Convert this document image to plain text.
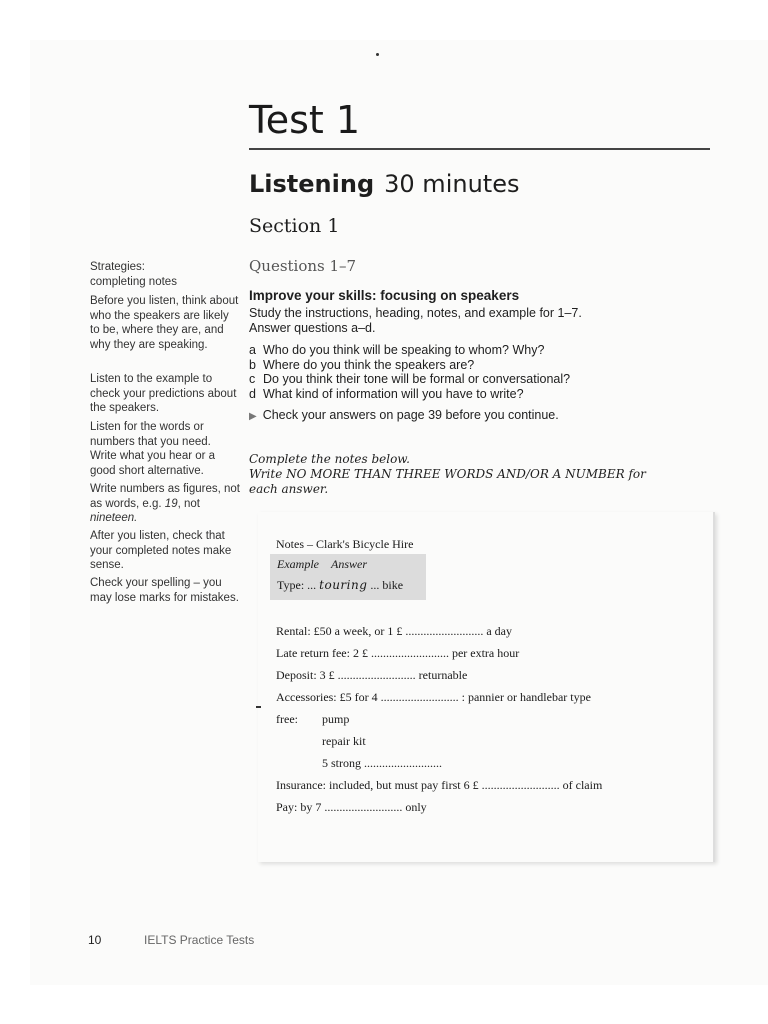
Test 1
Listening 30 minutes
Section 1
Questions 1–7
Strategies:
completing notes

Before you listen, think about who the speakers are likely to be, where they are, and why they are speaking.

Listen to the example to check your predictions about the speakers.

Listen for the words or numbers that you need. Write what you hear or a good short alternative.

Write numbers as figures, not as words, e.g. 19, not nineteen.

After you listen, check that your completed notes make sense.

Check your spelling – you may lose marks for mistakes.

Improve your skills: focusing on speakers
Study the instructions, heading, notes, and example for 1–7.
Answer questions a–d.
a Who do you think will be speaking to whom? Why?
b Where do you think the speakers are?
c Do you think their tone will be formal or conversational?
d What kind of information will you have to write?
▶ Check your answers on page 39 before you continue.
Complete the notes below.
Write NO MORE THAN THREE WORDS AND/OR A NUMBER for
each answer.
Notes – Clark's Bicycle Hire
Example Answer
Type: ... touring ... bike
Rental: £50 a week, or 1 £ .......................... a day
Late return fee: 2 £ .......................... per extra hour
Deposit: 3 £ .......................... returnable
Accessories: £5 for 4 .......................... : pannier or handlebar type
free: pump
repair kit
5 strong ..........................
Insurance: included, but must pay first 6 £ .......................... of claim
Pay: by 7 .......................... only
10	IELTS Practice Tests
